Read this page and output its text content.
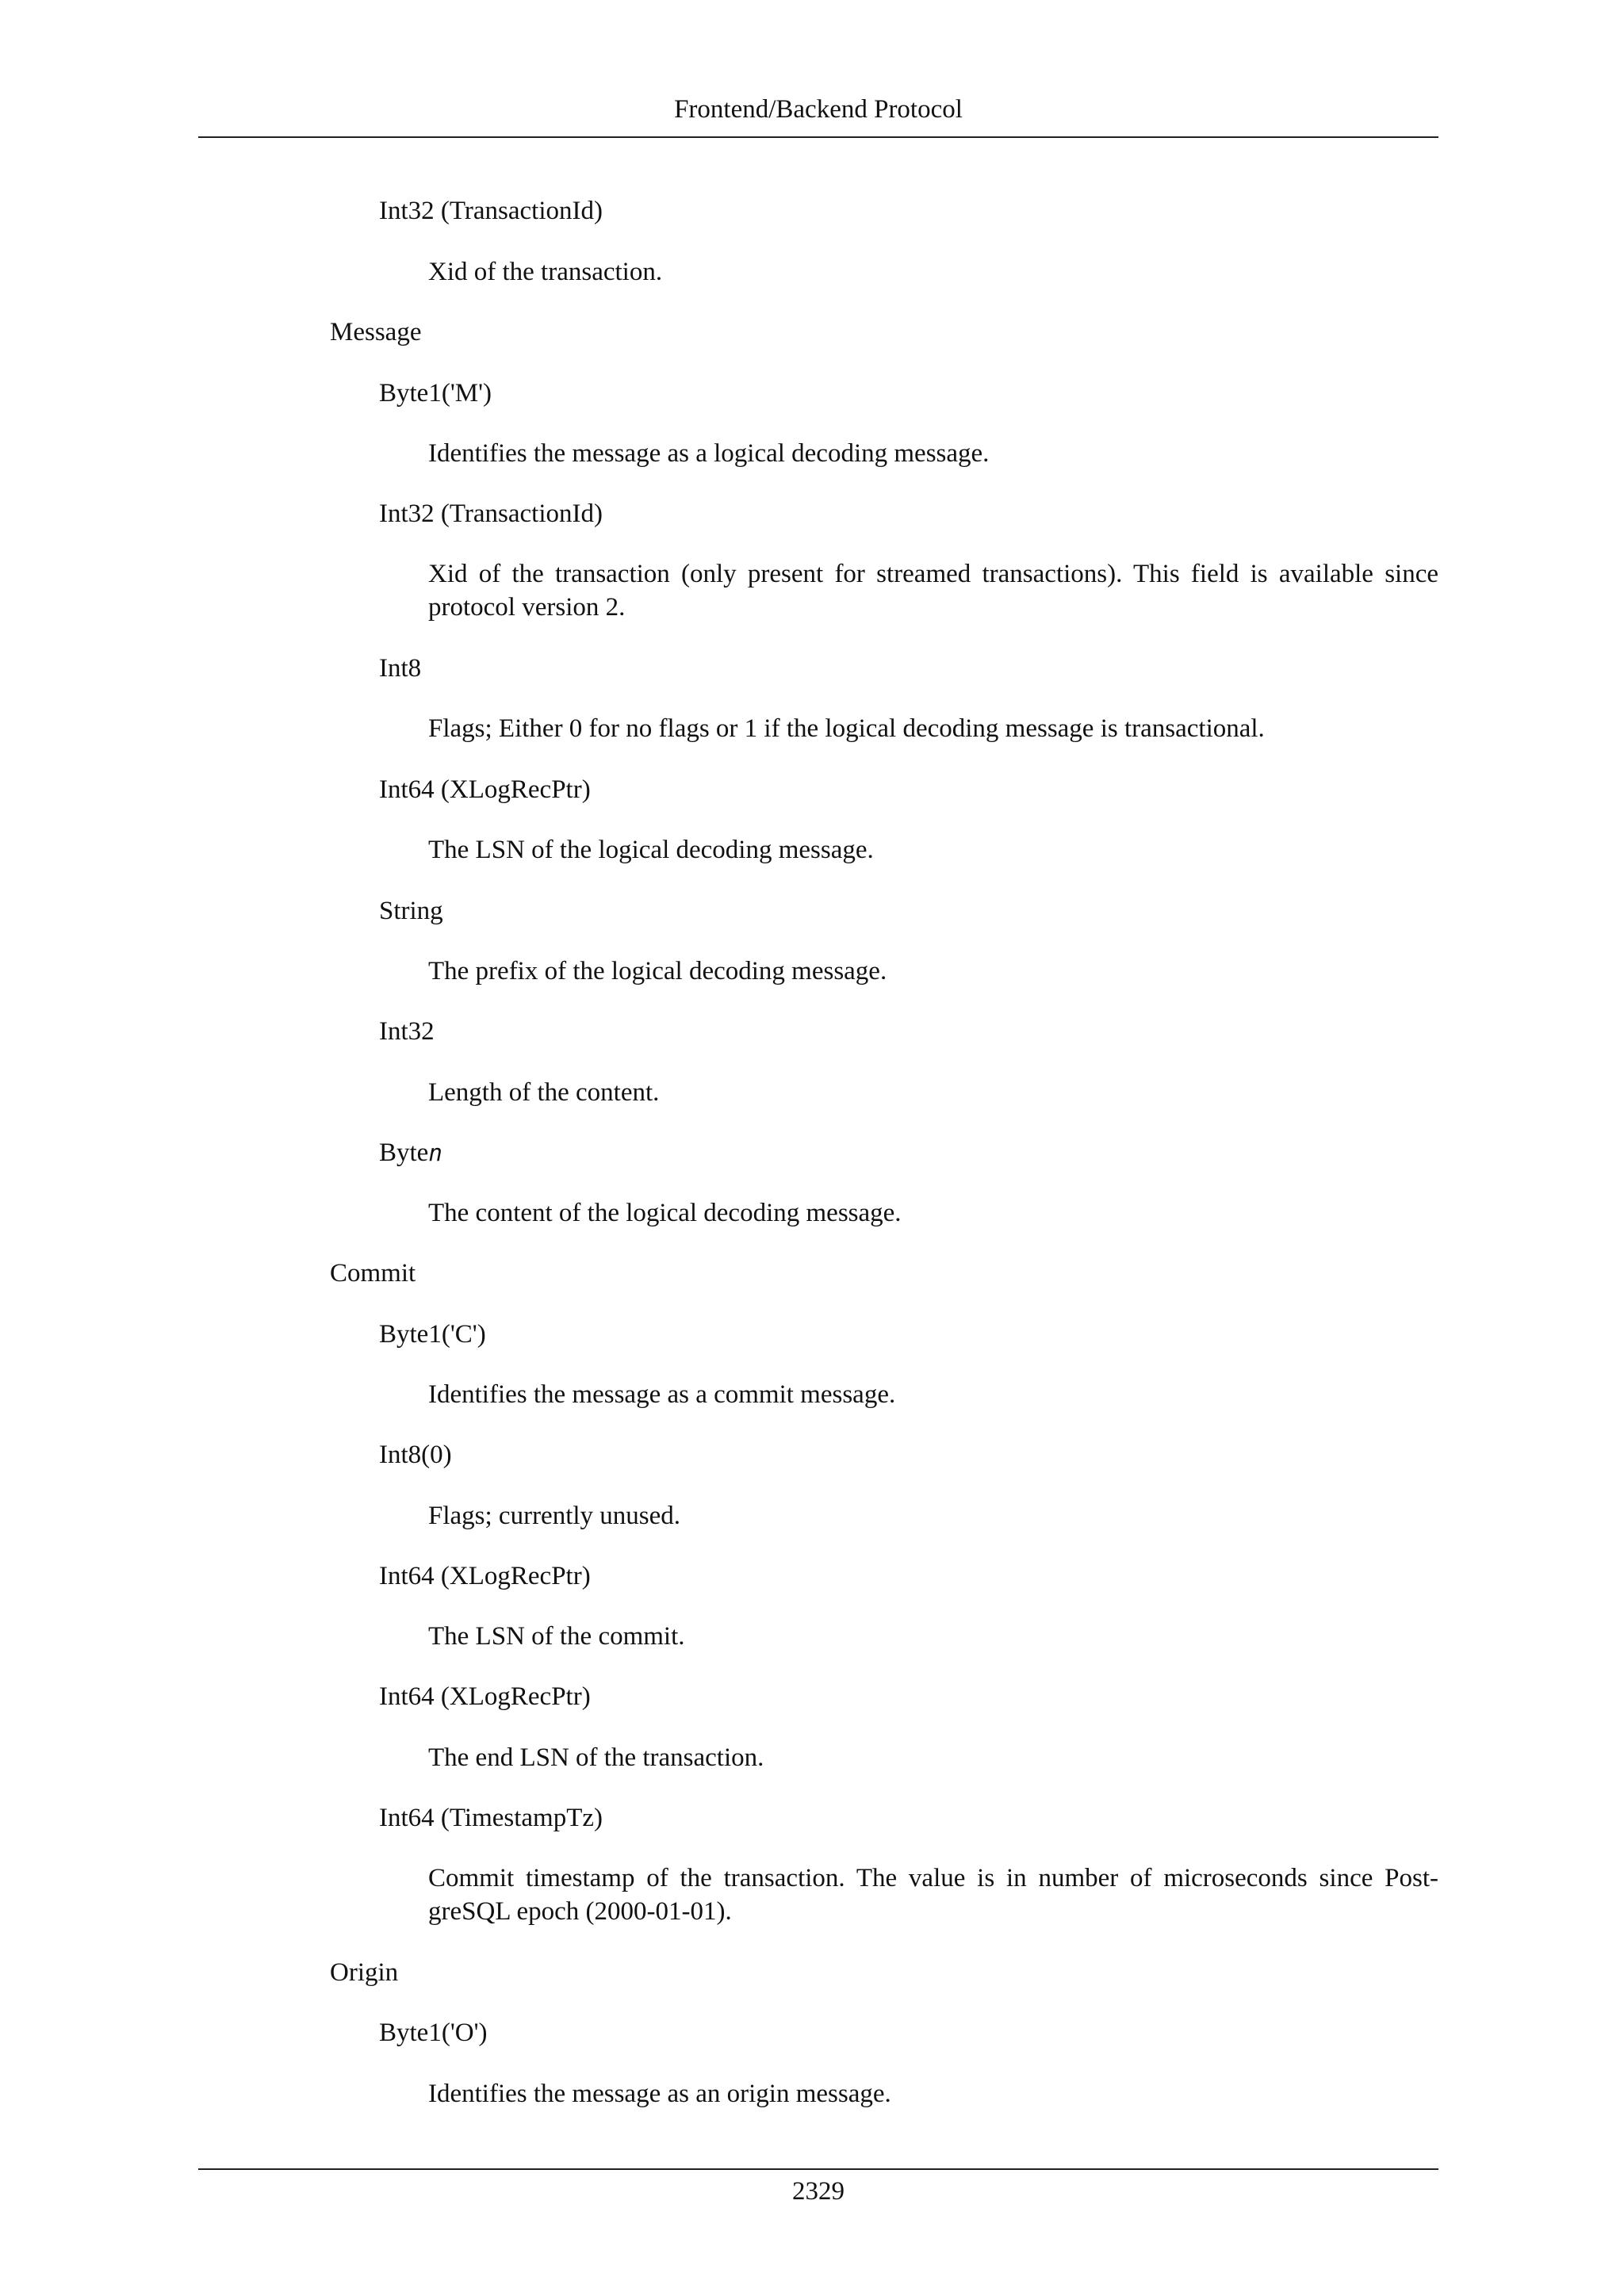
Frontend/Backend Protocol
Int32 (TransactionId)
Xid of the transaction.
Message
Byte1('M')
Identifies the message as a logical decoding message.
Int32 (TransactionId)
Xid of the transaction (only present for streamed transactions). This field is available since protocol version 2.
Int8
Flags; Either 0 for no flags or 1 if the logical decoding message is transactional.
Int64 (XLogRecPtr)
The LSN of the logical decoding message.
String
The prefix of the logical decoding message.
Int32
Length of the content.
Byten
The content of the logical decoding message.
Commit
Byte1('C')
Identifies the message as a commit message.
Int8(0)
Flags; currently unused.
Int64 (XLogRecPtr)
The LSN of the commit.
Int64 (XLogRecPtr)
The end LSN of the transaction.
Int64 (TimestampTz)
Commit timestamp of the transaction. The value is in number of microseconds since Post-greSQL epoch (2000-01-01).
Origin
Byte1('O')
Identifies the message as an origin message.
2329
